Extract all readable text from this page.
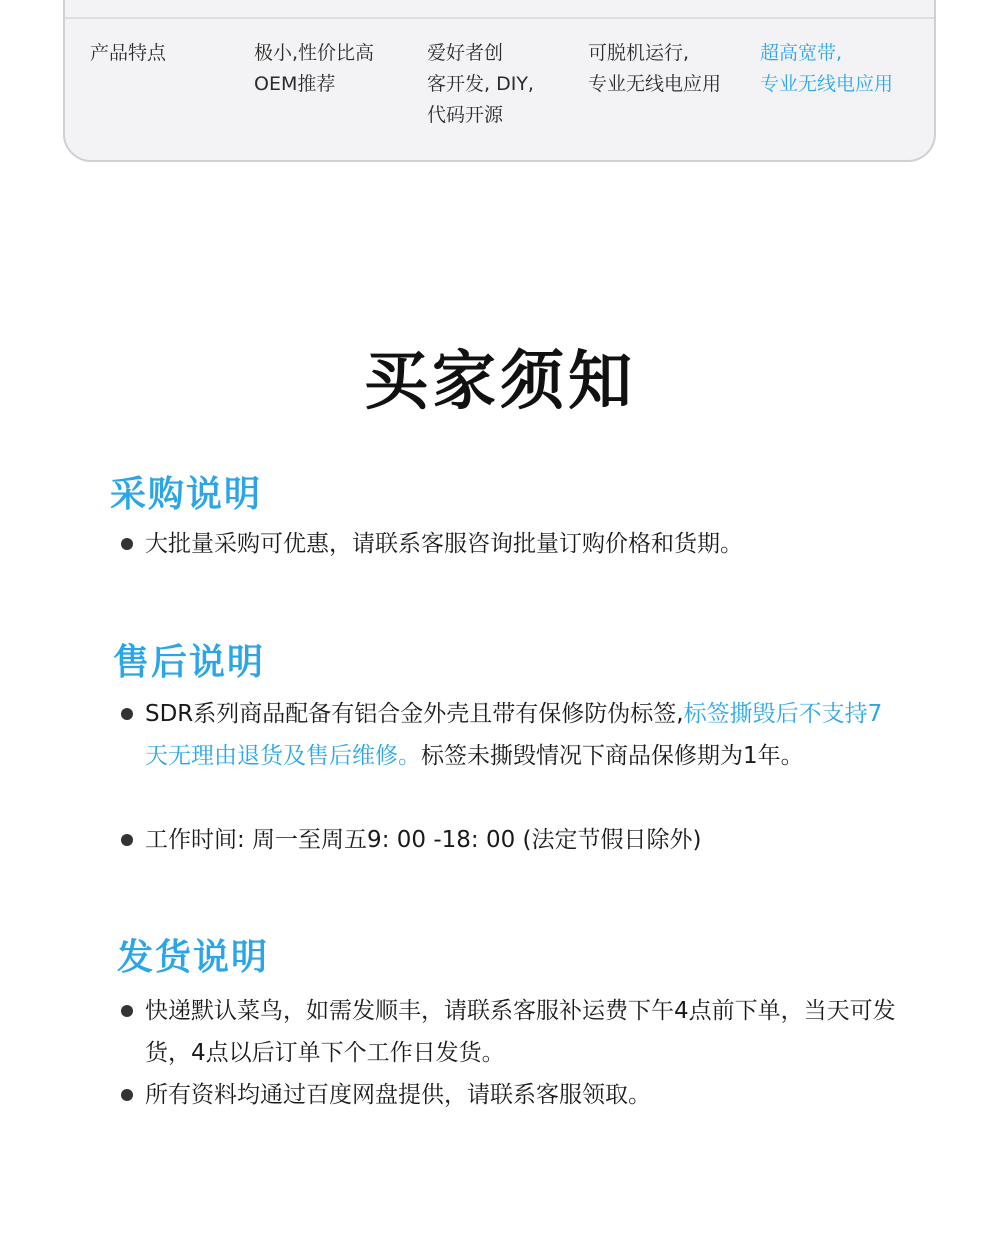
产品特点	极小,性价比高
OEM推荐
爱好者创
客开发, DIY,
代码开源
可脱机运行,
专业无线电应用
超高宽带,
专业无线电应用
买家须知
采购说明
大批量采购可优惠，请联系客服咨询批量订购价格和货期。
售后说明
SDR系列商品配备有铝合金外壳且带有保修防伪标签,标签撕毁后不支持7天无理由退货及售后维修。标签未撕毁情况下商品保修期为1年。
工作时间: 周一至周五9: 00 -18: 00 (法定节假日除外)
发货说明
快递默认菜鸟，如需发顺丰，请联系客服补运费下午4点前下单，当天可发货，4点以后订单下个工作日发货。
所有资料均通过百度网盘提供，请联系客服领取。
